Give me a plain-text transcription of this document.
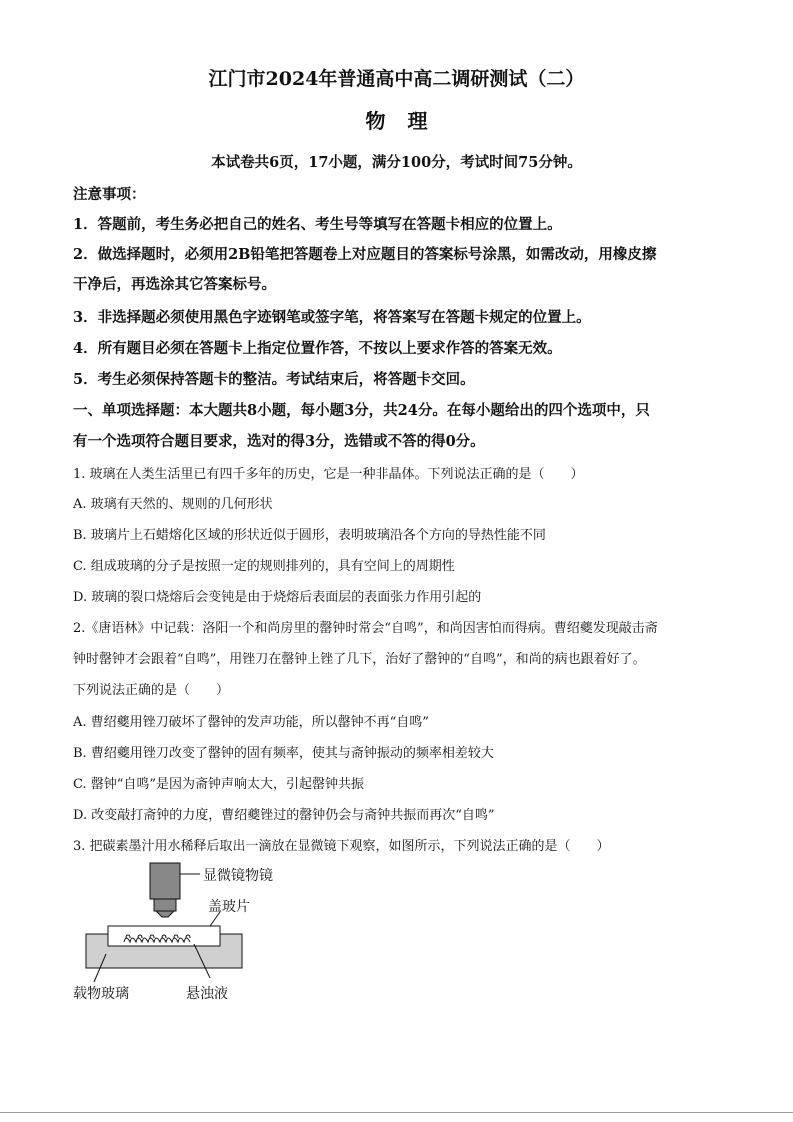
江门市2024年普通高中高二调研测试（二）
物理
本试卷共6页，17小题，满分100分，考试时间75分钟。
注意事项：
1．答题前，考生务必把自己的姓名、考生号等填写在答题卡相应的位置上。
2．做选择题时，必须用2B铅笔把答题卷上对应题目的答案标号涂黑，如需改动，用橡皮擦
干净后，再选涂其它答案标号。
3．非选择题必须使用黑色字迹钢笔或签字笔，将答案写在答题卡规定的位置上。
4．所有题目必须在答题卡上指定位置作答，不按以上要求作答的答案无效。
5．考生必须保持答题卡的整洁。考试结束后，将答题卡交回。
一、单项选择题：本大题共8小题，每小题3分，共24分。在每小题给出的四个选项中，只
有一个选项符合题目要求，选对的得3分，选错或不答的得0分。
1. 玻璃在人类生活里已有四千多年的历史，它是一种非晶体。下列说法正确的是（　　）
A. 玻璃有天然的、规则的几何形状
B. 玻璃片上石蜡熔化区域的形状近似于圆形，表明玻璃沿各个方向的导热性能不同
C. 组成玻璃的分子是按照一定的规则排列的，具有空间上的周期性
D. 玻璃的裂口烧熔后会变钝是由于烧熔后表面层的表面张力作用引起的
2.《唐语林》中记载：洛阳一个和尚房里的罄钟时常会“自鸣”，和尚因害怕而得病。曹绍夔发现敲击斋
钟时罄钟才会跟着“自鸣”，用锉刀在罄钟上锉了几下，治好了罄钟的“自鸣”，和尚的病也跟着好了。
下列说法正确的是（　　）
A. 曹绍夔用锉刀破坏了罄钟的发声功能，所以罄钟不再“自鸣”
B. 曹绍夔用锉刀改变了罄钟的固有频率，使其与斋钟振动的频率相差较大
C. 罄钟“自鸣”是因为斋钟声响太大，引起罄钟共振
D. 改变敲打斋钟的力度，曹绍夔锉过的罄钟仍会与斋钟共振而再次“自鸣”
3. 把碳素墨汁用水稀释后取出一滴放在显微镜下观察，如图所示，下列说法正确的是（　　）
显微镜物镜
盖玻片
载物玻璃	悬浊液
